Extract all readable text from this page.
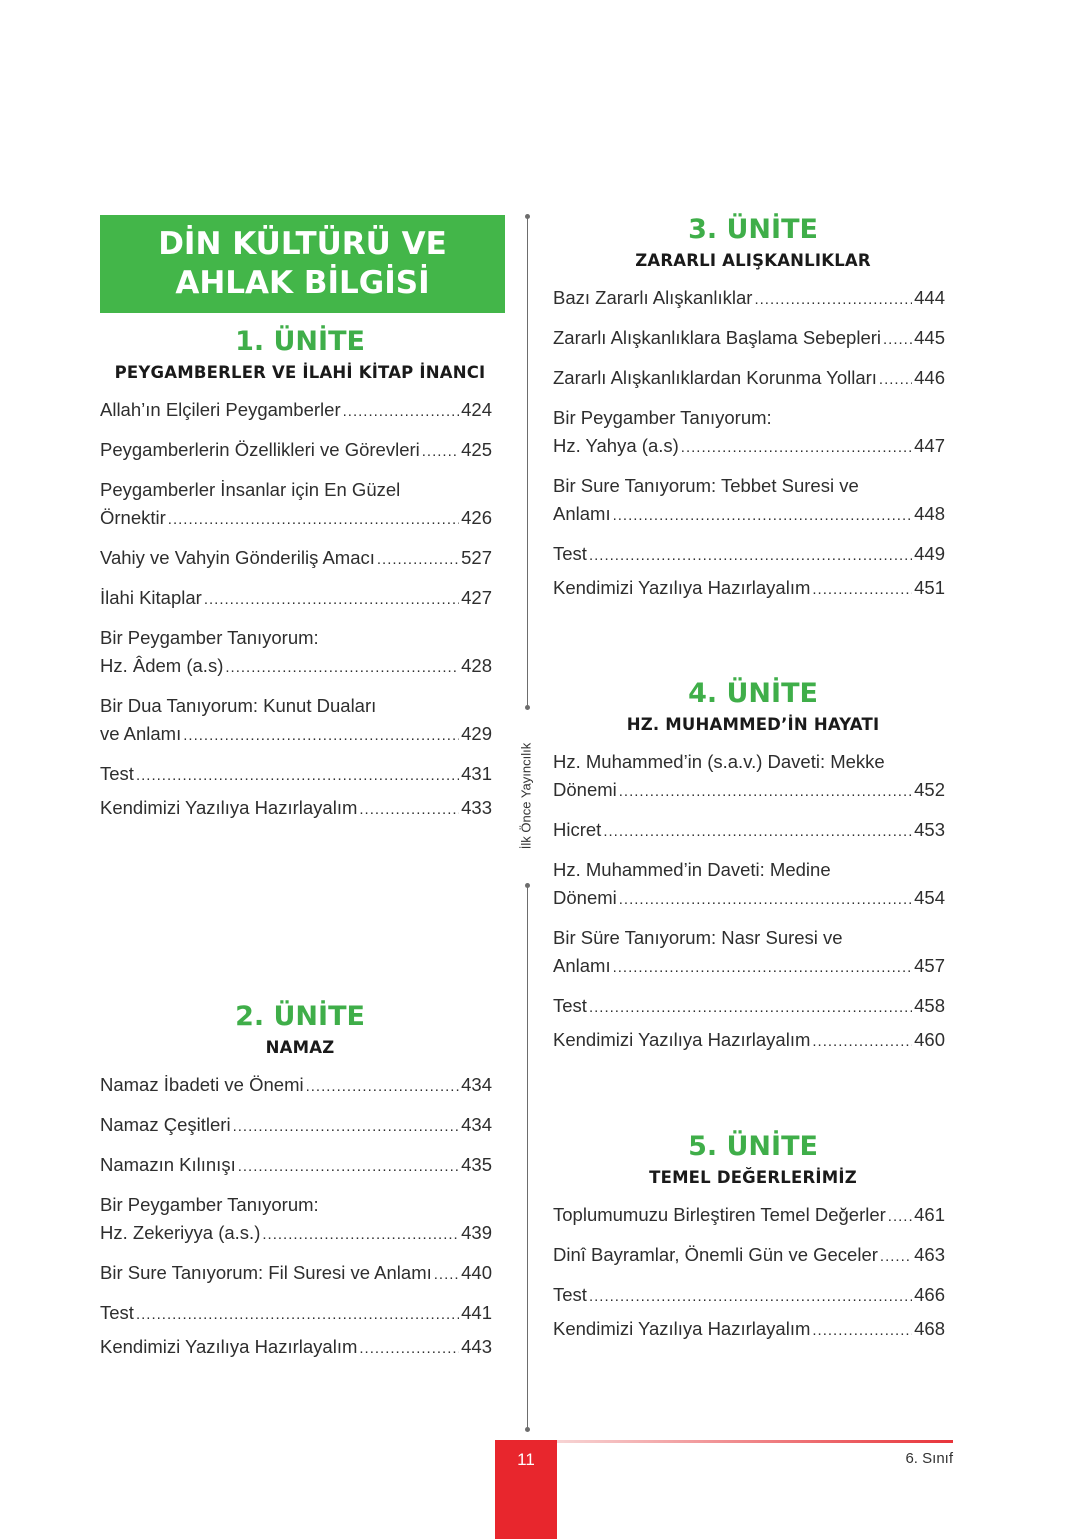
DİN KÜLTÜRÜ VE
AHLAK BİLGİSİ
1. ÜNİTE
PEYGAMBERLER VE İLAHİ KİTAP İNANCI
Allah’ın Elçileri Peygamberler .....	424
Peygamberlerin Özellikleri ve Görevleri ..... 425
Peygamberler İnsanlar için En Güzel
Örnektir .....	426
Vahiy ve Vahyin Gönderiliş Amacı .....	527
İlahi Kitaplar .....	427
Bir Peygamber Tanıyorum:
Hz. Âdem (a.s) .....	428
Bir Dua Tanıyorum: Kunut Duaları
ve Anlamı .....	429
Test .....	431
Kendimizi Yazılıya Hazırlayalım .....	433
2. ÜNİTE
NAMAZ
Namaz İbadeti ve Önemi .....	434
Namaz Çeşitleri .....	434
Namazın Kılınışı .....	435
Bir Peygamber Tanıyorum:
Hz. Zekeriyya (a.s.) .....	439
Bir Sure Tanıyorum: Fil Suresi ve Anlamı ..... 440
Test .....	441
Kendimizi Yazılıya Hazırlayalım .....	443
İlk Önce Yayıncılık
3. ÜNİTE
ZARARLI ALIŞKANLIKLAR
Bazı Zararlı Alışkanlıklar .....	444
Zararlı Alışkanlıklara Başlama Sebepleri ..... 445
Zararlı Alışkanlıklardan Korunma Yolları ..... 446
Bir Peygamber Tanıyorum:
Hz. Yahya (a.s) .....	447
Bir Sure Tanıyorum: Tebbet Suresi ve
Anlamı .....	448
Test .....	449
Kendimizi Yazılıya Hazırlayalım .....	451
4. ÜNİTE
HZ. MUHAMMED’İN HAYATI
Hz. Muhammed’in (s.a.v.) Daveti: Mekke
Dönemi .....	452
Hicret .....	453
Hz. Muhammed’in Daveti: Medine
Dönemi .....	454
Bir Süre Tanıyorum: Nasr Suresi ve
Anlamı .....	457
Test .....	458
Kendimizi Yazılıya Hazırlayalım .....	460
5. ÜNİTE
TEMEL DEĞERLERİMİZ
Toplumumuzu Birleştiren Temel Değerler ..... 461
Dinî Bayramlar, Önemli Gün ve Geceler ..... 463
Test .....	466
Kendimizi Yazılıya Hazırlayalım .....	468
11	6. Sınıf
